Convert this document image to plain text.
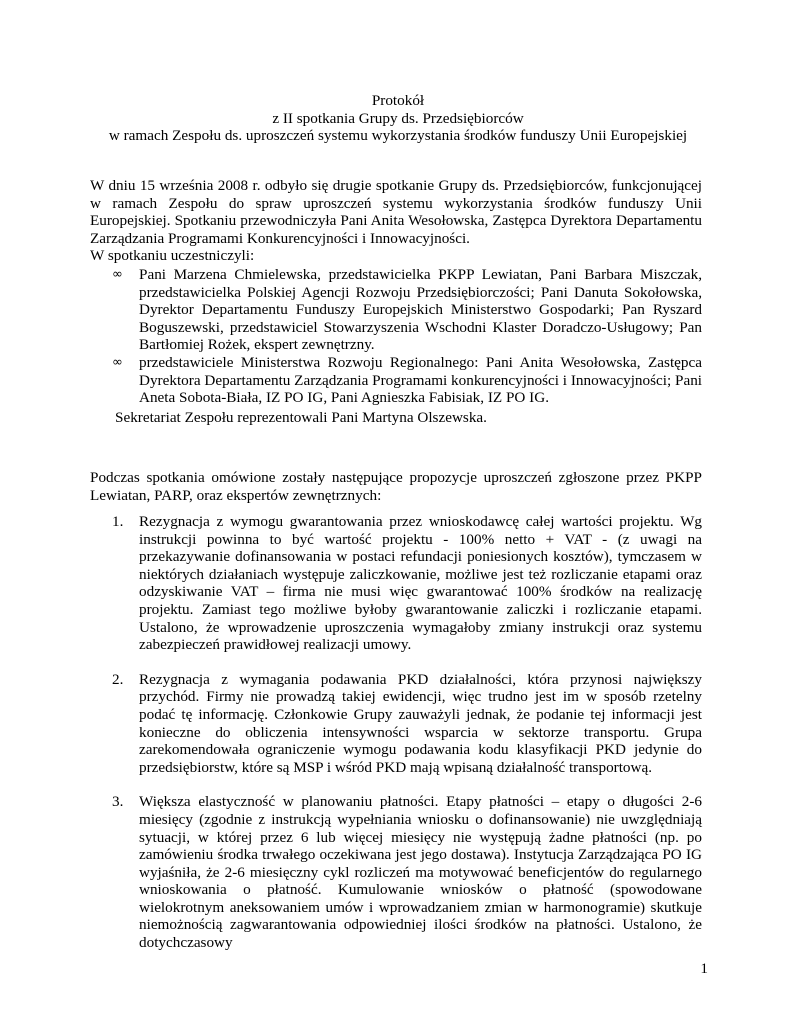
Protokół
z II spotkania Grupy ds. Przedsiębiorców
w ramach Zespołu ds. uproszczeń systemu wykorzystania środków funduszy Unii Europejskiej

W dniu 15 września 2008 r. odbyło się drugie spotkanie Grupy ds. Przedsiębiorców, funkcjonującej w ramach Zespołu do spraw uproszczeń systemu wykorzystania środków funduszy Unii Europejskiej. Spotkaniu przewodniczyła Pani Anita Wesołowska, Zastępca Dyrektora Departamentu Zarządzania Programami Konkurencyjności i Innowacyjności.

W spotkaniu uczestniczyli:

∞ Pani Marzena Chmielewska, przedstawicielka PKPP Lewiatan, Pani Barbara Miszczak, przedstawicielka Polskiej Agencji Rozwoju Przedsiębiorczości; Pani Danuta Sokołowska, Dyrektor Departamentu Funduszy Europejskich Ministerstwo Gospodarki; Pan Ryszard Boguszewski, przedstawiciel Stowarzyszenia Wschodni Klaster Doradczo-Usługowy; Pan Bartłomiej Rożek, ekspert zewnętrzny.
∞ przedstawiciele Ministerstwa Rozwoju Regionalnego: Pani Anita Wesołowska, Zastępca Dyrektora Departamentu Zarządzania Programami konkurencyjności i Innowacyjności; Pani Aneta Sobota-Biała, IZ PO IG, Pani Agnieszka Fabisiak, IZ PO IG.
Sekretariat Zespołu reprezentowali Pani Martyna Olszewska.
Podczas spotkania omówione zostały następujące propozycje uproszczeń zgłoszone przez PKPP Lewiatan, PARP, oraz ekspertów zewnętrznych:
1. Rezygnacja z wymogu gwarantowania przez wnioskodawcę całej wartości projektu. Wg instrukcji powinna to być wartość projektu - 100% netto + VAT - (z uwagi na przekazywanie dofinansowania w postaci refundacji poniesionych kosztów), tymczasem w niektórych działaniach występuje zaliczkowanie, możliwe jest też rozliczanie etapami oraz odzyskiwanie VAT – firma nie musi więc gwarantować 100% środków na realizację projektu. Zamiast tego możliwe byłoby gwarantowanie zaliczki i rozliczanie etapami. Ustalono, że wprowadzenie uproszczenia wymagałoby zmiany instrukcji oraz systemu zabezpieczeń prawidłowej realizacji umowy.
2. Rezygnacja z wymagania podawania PKD działalności, która przynosi największy przychód. Firmy nie prowadzą takiej ewidencji, więc trudno jest im w sposób rzetelny podać tę informację. Członkowie Grupy zauważyli jednak, że podanie tej informacji jest konieczne do obliczenia intensywności wsparcia w sektorze transportu. Grupa zarekomendowała ograniczenie wymogu podawania kodu klasyfikacji PKD jedynie do przedsiębiorstw, które są MSP i wśród PKD mają wpisaną działalność transportową.
3. Większa elastyczność w planowaniu płatności. Etapy płatności – etapy o długości 2-6 miesięcy (zgodnie z instrukcją wypełniania wniosku o dofinansowanie) nie uwzględniają sytuacji, w której przez 6 lub więcej miesięcy nie występują żadne płatności (np. po zamówieniu środka trwałego oczekiwana jest jego dostawa). Instytucja Zarządzająca PO IG wyjaśniła, że 2-6 miesięczny cykl rozliczeń ma motywować beneficjentów do regularnego wnioskowania o płatność. Kumulowanie wniosków o płatność (spowodowane wielokrotnym aneksowaniem umów i wprowadzaniem zmian w harmonogramie) skutkuje niemożnością zagwarantowania odpowiedniej ilości środków na płatności. Ustalono, że dotychczasowy
1
